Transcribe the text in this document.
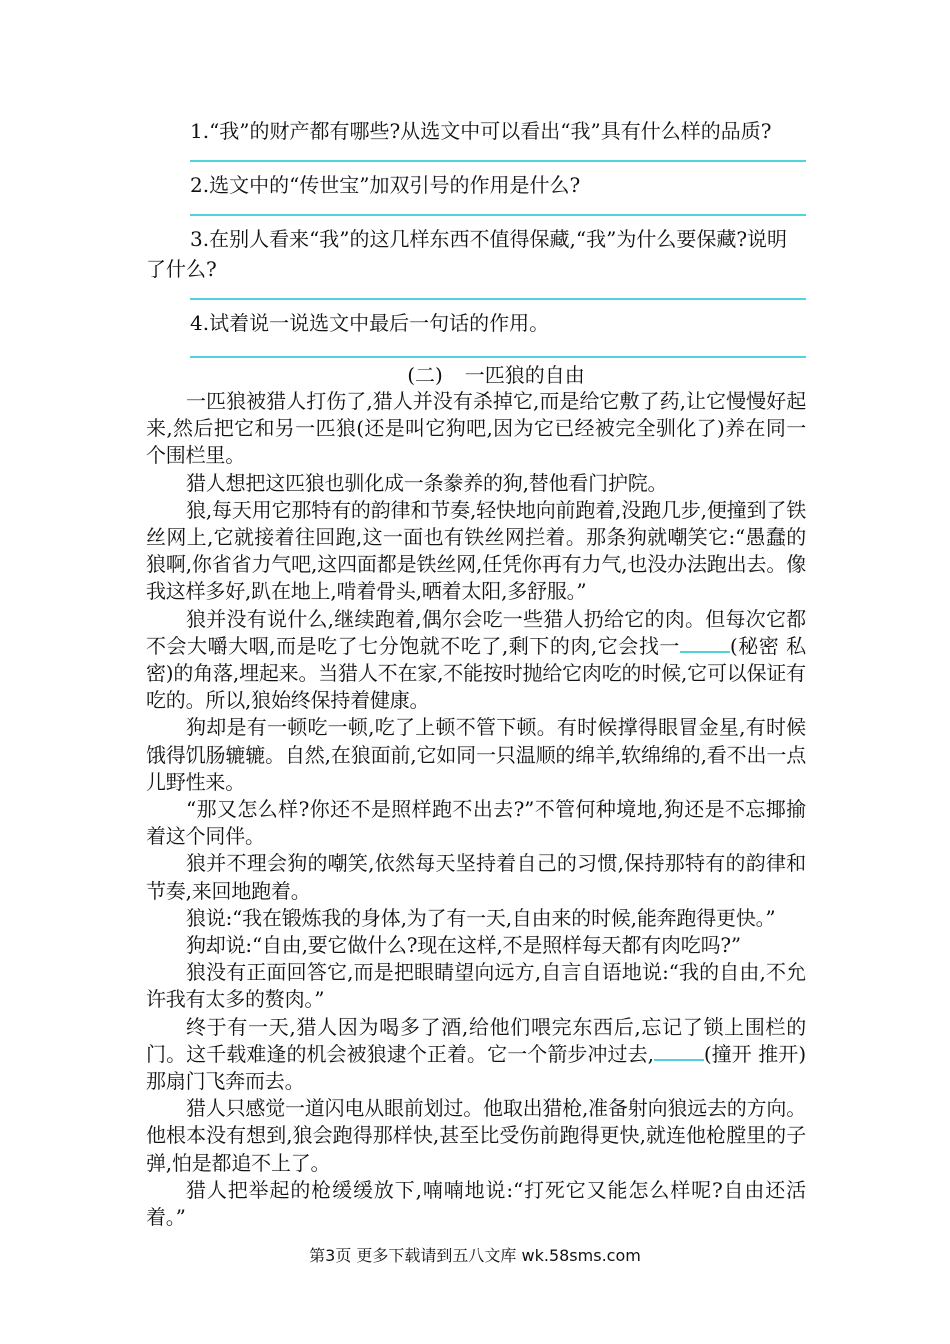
1.“我”的财产都有哪些?从选文中可以看出“我”具有什么样的品质?

2.选文中的“传世宝”加双引号的作用是什么?

3.在别人看来“我”的这几样东西不值得保藏,“我”为什么要保藏?说明了什么?

4.试着说一说选文中最后一句话的作用。

(二) 一匹狼的自由

一匹狼被猎人打伤了,猎人并没有杀掉它,而是给它敷了药,让它慢慢好起来,然后把它和另一匹狼(还是叫它狗吧,因为它已经被完全驯化了)养在同一个围栏里。

猎人想把这匹狼也驯化成一条豢养的狗,替他看门护院。

狼,每天用它那特有的韵律和节奏,轻快地向前跑着,没跑几步,便撞到了铁丝网上,它就接着往回跑,这一面也有铁丝网拦着。那条狗就嘲笑它:“愚蠢的狼啊,你省省力气吧,这四面都是铁丝网,任凭你再有力气,也没办法跑出去。像我这样多好,趴在地上,啃着骨头,晒着太阳,多舒服。”

狼并没有说什么,继续跑着,偶尔会吃一些猎人扔给它的肉。但每次它都不会大嚼大咽,而是吃了七分饱就不吃了,剩下的肉,它会找一	(秘密 私密)的角落,埋起来。当猎人不在家,不能按时抛给它肉吃的时候,它可以保证有吃的。所以,狼始终保持着健康。

狗却是有一顿吃一顿,吃了上顿不管下顿。有时候撑得眼冒金星,有时候饿得饥肠辘辘。自然,在狼面前,它如同一只温顺的绵羊,软绵绵的,看不出一点儿野性来。

“那又怎么样?你还不是照样跑不出去?”不管何种境地,狗还是不忘揶揄着这个同伴。

狼并不理会狗的嘲笑,依然每天坚持着自己的习惯,保持那特有的韵律和节奏,来回地跑着。

狼说:“我在锻炼我的身体,为了有一天,自由来的时候,能奔跑得更快。”

狗却说:“自由,要它做什么?现在这样,不是照样每天都有肉吃吗?”

狼没有正面回答它,而是把眼睛望向远方,自言自语地说:“我的自由,不允许我有太多的赘肉。”

终于有一天,猎人因为喝多了酒,给他们喂完东西后,忘记了锁上围栏的门。这千载难逢的机会被狼逮个正着。它一个箭步冲过去,	(撞开 推开)那扇门飞奔而去。

猎人只感觉一道闪电从眼前划过。他取出猎枪,准备射向狼远去的方向。他根本没有想到,狼会跑得那样快,甚至比受伤前跑得更快,就连他枪膛里的子弹,怕是都追不上了。

猎人把举起的枪缓缓放下,喃喃地说:“打死它又能怎么样呢?自由还活着。”

第3页 更多下载请到五八文库 wk.58sms.com
